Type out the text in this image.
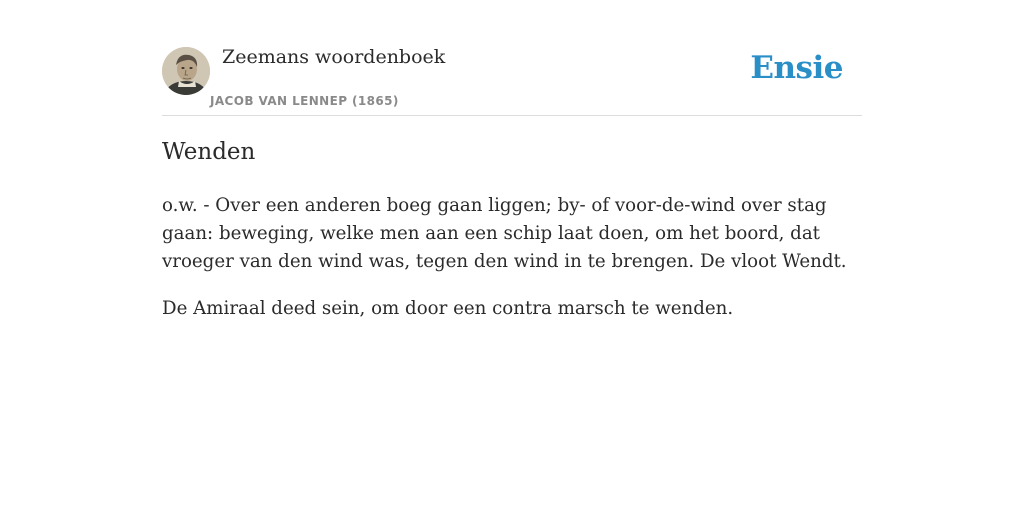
Zeemans woordenboek
JACOB VAN LENNEP (1865)
Ensie
Wenden

o.w. - Over een anderen boeg gaan liggen; by- of voor-de-wind over stag gaan: beweging, welke men aan een schip laat doen, om het boord, dat vroeger van den wind was, tegen den wind in te brengen. De vloot Wendt.

De Amiraal deed sein, om door een contra marsch te wenden.
